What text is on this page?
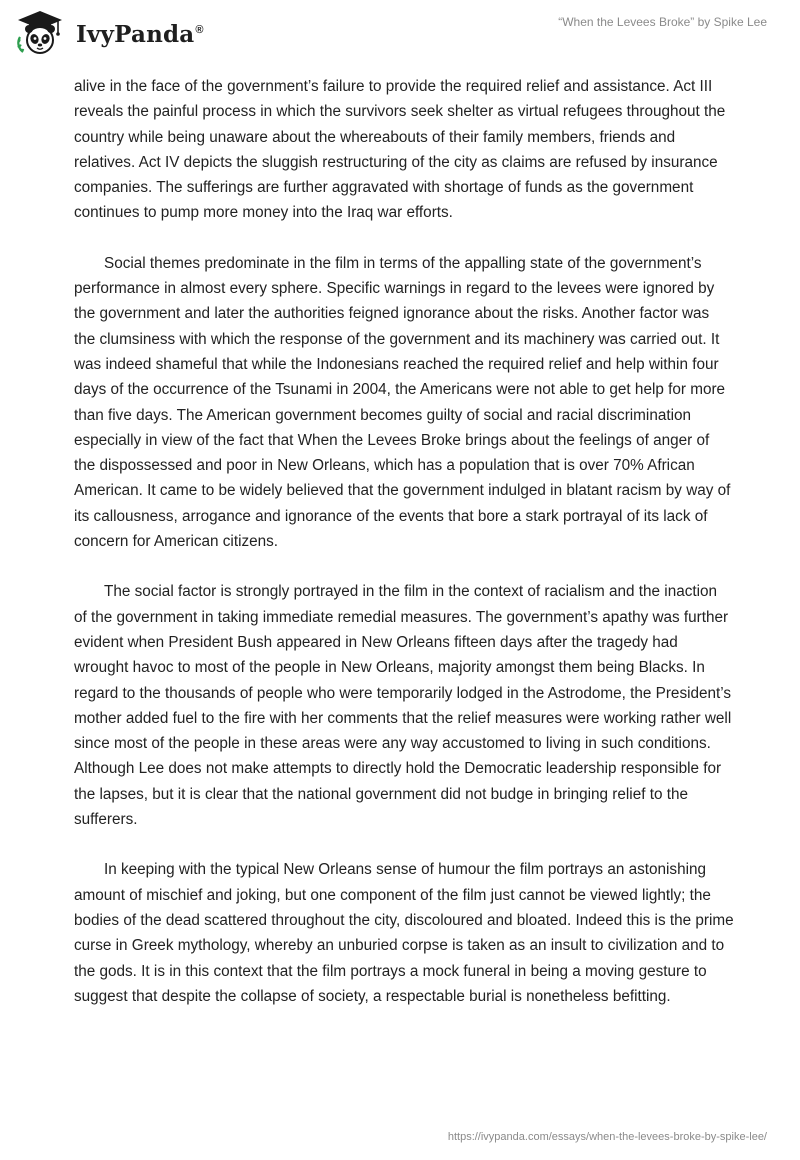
IvyPanda®
“When the Levees Broke” by Spike Lee

alive in the face of the government’s failure to provide the required relief and assistance. Act III reveals the painful process in which the survivors seek shelter as virtual refugees throughout the country while being unaware about the whereabouts of their family members, friends and relatives. Act IV depicts the sluggish restructuring of the city as claims are refused by insurance companies. The sufferings are further aggravated with shortage of funds as the government continues to pump more money into the Iraq war efforts.

Social themes predominate in the film in terms of the appalling state of the government’s performance in almost every sphere. Specific warnings in regard to the levees were ignored by the government and later the authorities feigned ignorance about the risks. Another factor was the clumsiness with which the response of the government and its machinery was carried out. It was indeed shameful that while the Indonesians reached the required relief and help within four days of the occurrence of the Tsunami in 2004, the Americans were not able to get help for more than five days. The American government becomes guilty of social and racial discrimination especially in view of the fact that When the Levees Broke brings about the feelings of anger of the dispossessed and poor in New Orleans, which has a population that is over 70% African American. It came to be widely believed that the government indulged in blatant racism by way of its callousness, arrogance and ignorance of the events that bore a stark portrayal of its lack of concern for American citizens.

The social factor is strongly portrayed in the film in the context of racialism and the inaction of the government in taking immediate remedial measures. The government’s apathy was further evident when President Bush appeared in New Orleans fifteen days after the tragedy had wrought havoc to most of the people in New Orleans, majority amongst them being Blacks. In regard to the thousands of people who were temporarily lodged in the Astrodome, the President’s mother added fuel to the fire with her comments that the relief measures were working rather well since most of the people in these areas were any way accustomed to living in such conditions. Although Lee does not make attempts to directly hold the Democratic leadership responsible for the lapses, but it is clear that the national government did not budge in bringing relief to the sufferers.

In keeping with the typical New Orleans sense of humour the film portrays an astonishing amount of mischief and joking, but one component of the film just cannot be viewed lightly; the bodies of the dead scattered throughout the city, discoloured and bloated. Indeed this is the prime curse in Greek mythology, whereby an unburied corpse is taken as an insult to civilization and to the gods. It is in this context that the film portrays a mock funeral in being a moving gesture to suggest that despite the collapse of society, a respectable burial is nonetheless befitting.

https://ivypanda.com/essays/when-the-levees-broke-by-spike-lee/
